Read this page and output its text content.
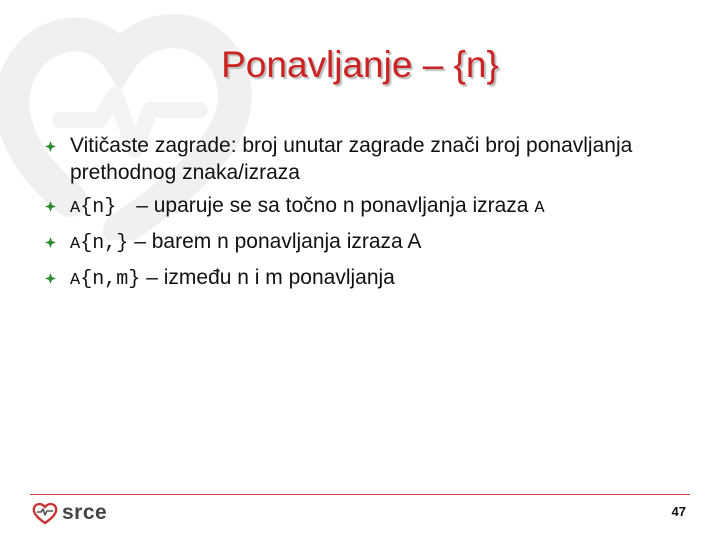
Ponavljanje – {n}
Vitičaste zagrade: broj unutar zagrade znači broj ponavljanja prethodnog znaka/izraza
A{n} – uparuje se sa točno n ponavljanja izraza A
A{n,} – barem n ponavljanja izraza A
A{n,m} – između n i m ponavljanja
srce	47
